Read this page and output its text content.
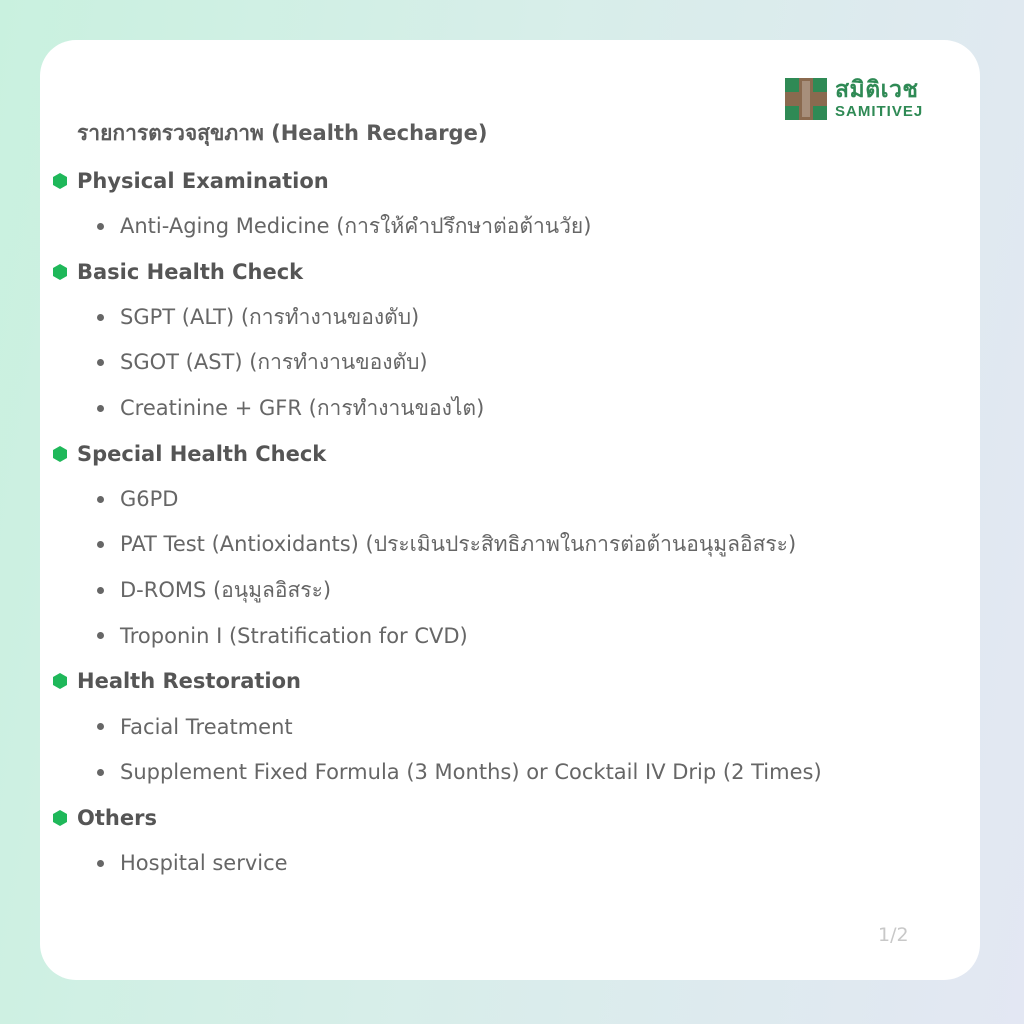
สมิติเวช
SAMITIVEJ
รายการตรวจสุขภาพ (Health Recharge)
Physical Examination
Anti-Aging Medicine (การให้คำปรึกษาต่อต้านวัย)
Basic Health Check
SGPT (ALT) (การทำงานของตับ)
SGOT (AST) (การทำงานของตับ)
Creatinine + GFR (การทำงานของไต)
Special Health Check
G6PD
PAT Test (Antioxidants) (ประเมินประสิทธิภาพในการต่อต้านอนุมูลอิสระ)
D-ROMS (อนุมูลอิสระ)
Troponin I (Stratification for CVD)
Health Restoration
Facial Treatment
Supplement Fixed Formula (3 Months) or Cocktail IV Drip (2 Times)
Others
Hospital service
1/2
